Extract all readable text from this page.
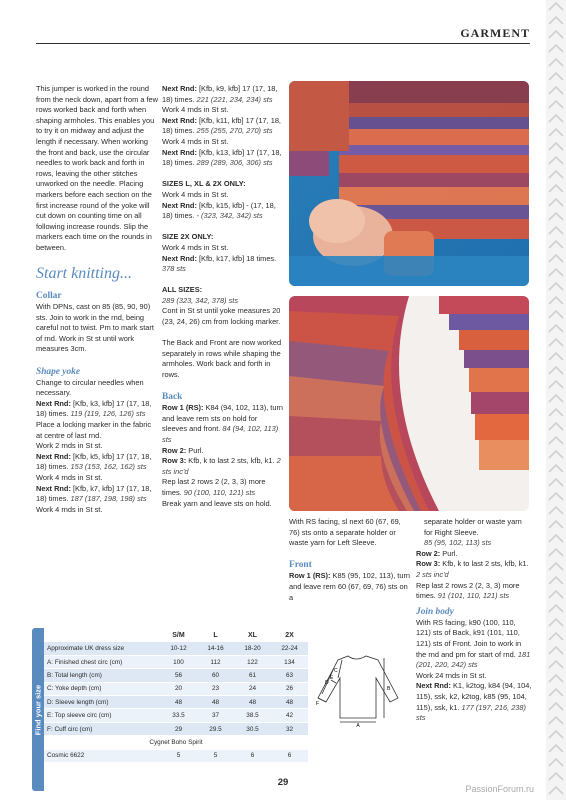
GARMENT

This jumper is worked in the round from the neck down, apart from a few rows worked back and forth when shaping armholes. This enables you to try it on midway and adjust the length if necessary. When working the front and back, use the circular needles to work back and forth in rows, leaving the other stitches unworked on the needle. Placing markers before each section on the first increase round of the yoke will cut down on counting time on all following increase rounds. Slip the markers each time on the rounds in between.

Start knitting...
Collar

With DPNs, cast on 85 (85, 90, 90) sts. Join to work in the rnd, being careful not to twist. Pm to mark start of rnd. Work in St st until work measures 3cm.

Shape yoke
Change to circular needles when necessary.
Next Rnd: [Kfb, k3, kfb] 17 (17, 18, 18) times. 119 (119, 126, 126) sts
Place a locking marker in the fabric at centre of last rnd.
Work 2 rnds in St st.
Next Rnd: [Kfb, k5, kfb] 17 (17, 18, 18) times. 153 (153, 162, 162) sts
Work 4 rnds in St st.
Next Rnd: [Kfb, k7, kfb] 17 (17, 18, 18) times. 187 (187, 198, 198) sts
Work 4 rnds in St st.
Next Rnd: [Kfb, k9, kfb] 17 (17, 18, 18) times. 221 (221, 234, 234) sts
Work 4 rnds in St st.
Next Rnd: [Kfb, k11, kfb] 17 (17, 18, 18) times. 255 (255, 270, 270) sts
Work 4 rnds in St st.
Next Rnd: [Kfb, k13, kfb] 17 (17, 18, 18) times. 289 (289, 306, 306) sts
SIZES L, XL & 2X ONLY:
Work 4 rnds in St st.
Next Rnd: [Kfb, k15, kfb] - (17, 18, 18) times. - (323, 342, 342) sts
SIZE 2X ONLY:
Work 4 rnds in St st.
Next Rnd: [Kfb, k17, kfb] 18 times. 378 sts
ALL SIZES:
289 (323, 342, 378) sts
Cont in St st until yoke measures 20 (23, 24, 26) cm from locking marker.
The Back and Front are now worked separately in rows while shaping the armholes. Work back and forth in rows.
Back
Row 1 (RS): K84 (94, 102, 113), turn and leave rem sts on hold for sleeves and front. 84 (94, 102, 113) sts
Row 2: Purl.
Row 3: Kfb, k to last 2 sts, kfb, k1. 2 sts inc'd
Rep last 2 rows 2 (2, 3, 3) more times. 90 (100, 110, 121) sts
Break yarn and leave sts on hold.

With RS facing, sl next 60 (67, 69, 76) sts onto a separate holder or waste yarn for Left Sleeve.

Front
Row 1 (RS): K85 (95, 102, 113), turn and leave rem 60 (67, 69, 76) sts on a
separate holder or waste yarn for Right Sleeve.
85 (95, 102, 113) sts
Row 2: Purl.
Row 3: Kfb, k to last 2 sts, kfb, k1. 2 sts inc'd
Rep last 2 rows 2 (2, 3, 3) more times. 91 (101, 110, 121) sts
Join body
With RS facing, k90 (100, 110, 121) sts of Back, k91 (101, 110, 121) sts of Front. Join to work in the rnd and pm for start of rnd. 181 (201, 220, 242) sts
Work 24 rnds in St st.
Next Rnd: K1, k2tog, k84 (94, 104, 115), ssk, k2, k2tog, k85 (95, 104, 115), ssk, k1. 177 (197, 216, 238) sts
Find your size
	S/M	L	XL	2X
Approximate UK dress size	10-12	14-16	18-20	22-24
A: Finished chest circ (cm)	100	112	122	134
B: Total length (cm)	56	60	61	63
C: Yoke depth (cm)	20	23	24	26
D: Sleeve length (cm)	48	48	48	48
E: Top sleeve circ (cm)	33.5	37	38.5	42
F: Cuff circ (cm)	29	29.5	30.5	32
Cygnet Boho Spirit				
Cosmic 6622	5	5	6	6
A
B
C
D
E
F
29
PassionForum.ru
